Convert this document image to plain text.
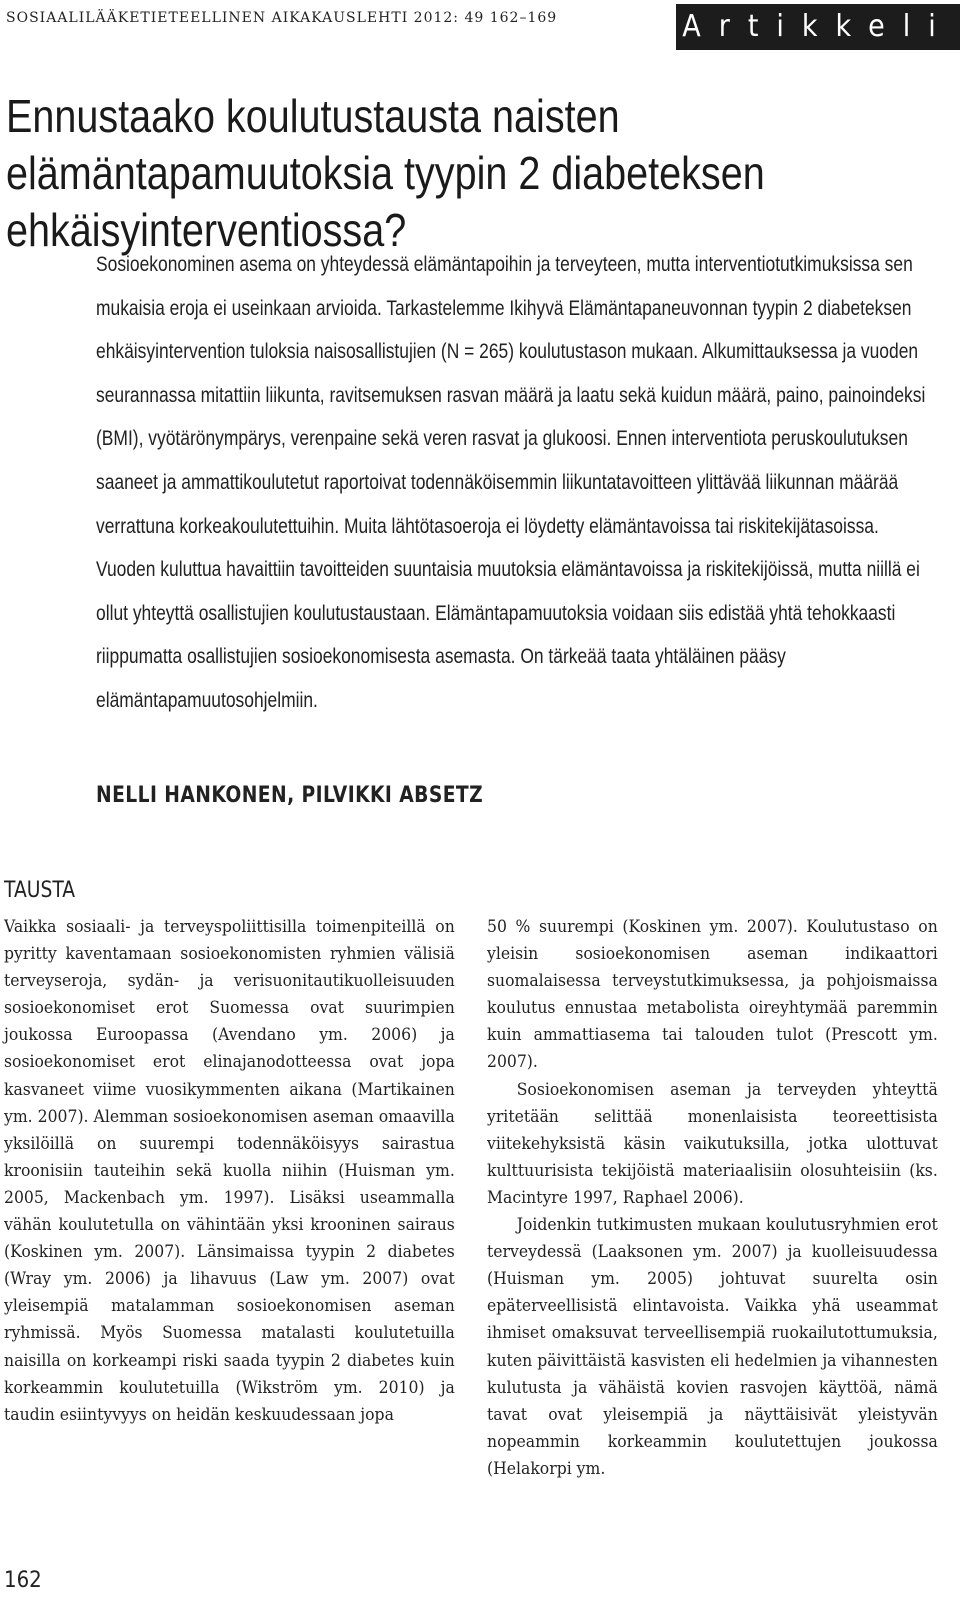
SOSIAALILÄÄKETIETEELLINEN AIKAKAUSLEHTI 2012: 49 162–169	Artikkeli
Ennustaako koulutustausta naisten elämäntapamuutoksia tyypin 2 diabeteksen ehkäisyinterventiossa?

Sosioekonominen asema on yhteydessä elämäntapoihin ja terveyteen, mutta interventiotutkimuksissa sen mukaisia eroja ei useinkaan arvioida. Tarkastelemme Ikihyvä Elämäntapaneuvonnan tyypin 2 diabeteksen ehkäisyintervention tuloksia naisosallistujien (N = 265) koulutustason mukaan. Alkumittauksessa ja vuoden seurannassa mitattiin liikunta, ravitsemuksen rasvan määrä ja laatu sekä kuidun määrä, paino, painoindeksi (BMI), vyötärönympärys, verenpaine sekä veren rasvat ja glukoosi. Ennen interventiota peruskoulutuksen saaneet ja ammattikoulutetut raportoivat todennäköisemmin liikuntatavoitteen ylittävää liikunnan määrää verrattuna korkeakoulutettuihin. Muita lähtötasoeroja ei löydetty elämäntavoissa tai riskitekijätasoissa. Vuoden kuluttua havaittiin tavoitteiden suuntaisia muutoksia elämäntavoissa ja riskitekijöissä, mutta niillä ei ollut yhteyttä osallistujien koulutustaustaan. Elämäntapamuutoksia voidaan siis edistää yhtä tehokkaasti riippumatta osallistujien sosioekonomisesta asemasta. On tärkeää taata yhtäläinen pääsy elämäntapamuutosohjelmiin.

NELLI HANKONEN, PILVIKKI ABSETZ
TAUSTA

Vaikka sosiaali- ja terveyspoliittisilla toimenpiteillä on pyritty kaventamaan sosioekonomisten ryhmien välisiä terveyseroja, sydän- ja verisuonitautikuolleisuuden sosioekonomiset erot Suomessa ovat suurimpien joukossa Euroopassa (Avendano ym. 2006) ja sosioekonomiset erot elinajanodotteessa ovat jopa kasvaneet viime vuosikymmenten aikana (Martikainen ym. 2007). Alemman sosioekonomisen aseman omaavilla yksilöillä on suurempi todennäköisyys sairastua kroonisiin tauteihin sekä kuolla niihin (Huisman ym. 2005, Mackenbach ym. 1997). Lisäksi useammalla vähän koulutetulla on vähintään yksi krooninen sairaus (Koskinen ym. 2007). Länsimaissa tyypin 2 diabetes (Wray ym. 2006) ja lihavuus (Law ym. 2007) ovat yleisempiä matalamman sosioekonomisen aseman ryhmissä. Myös Suomessa matalasti koulutetuilla naisilla on korkeampi riski saada tyypin 2 diabetes kuin korkeammin koulutetuilla (Wikström ym. 2010) ja taudin esiintyvyys on heidän keskuudessaan jopa

50 % suurempi (Koskinen ym. 2007). Koulutustaso on yleisin sosioekonomisen aseman indikaattori suomalaisessa terveystutkimuksessa, ja pohjoismaissa koulutus ennustaa metabolista oireyhtymää paremmin kuin ammattiasema tai talouden tulot (Prescott ym. 2007).

Sosioekonomisen aseman ja terveyden yhteyttä yritetään selittää monenlaisista teoreettisista viitekehyksistä käsin vaikutuksilla, jotka ulottuvat kulttuurisista tekijöistä materiaalisiin olosuhteisiin (ks. Macintyre 1997, Raphael 2006).

Joidenkin tutkimusten mukaan koulutusryhmien erot terveydessä (Laaksonen ym. 2007) ja kuolleisuudessa (Huisman ym. 2005) johtuvat suurelta osin epäterveellisistä elintavoista. Vaikka yhä useammat ihmiset omaksuvat terveellisempiä ruokailutottumuksia, kuten päivittäistä kasvisten eli hedelmien ja vihannesten kulutusta ja vähäistä kovien rasvojen käyttöä, nämä tavat ovat yleisempiä ja näyttäisivät yleistyvän nopeammin korkeammin koulutettujen joukossa (Helakorpi ym.

162
